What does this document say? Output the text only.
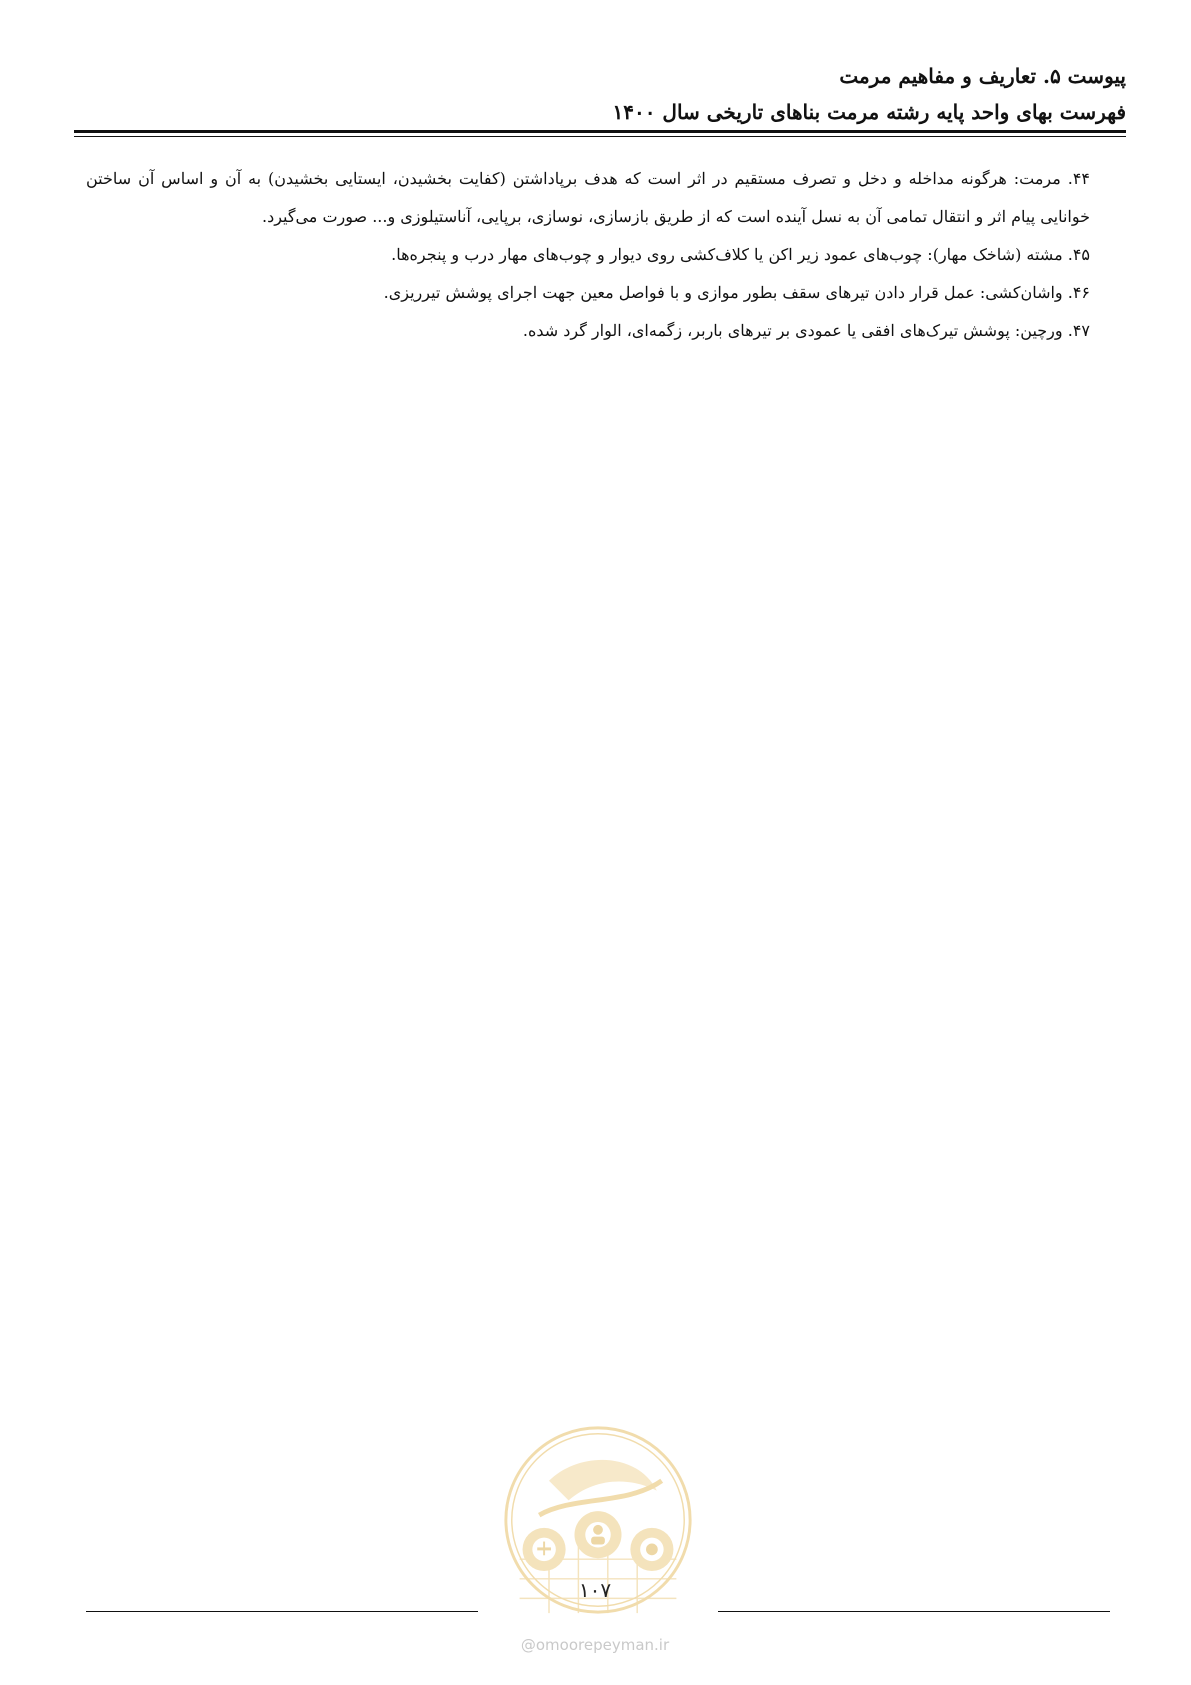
پیوست ۵. تعاریف و مفاهیم مرمت
فهرست بهای واحد پایه رشته مرمت بناهای تاریخی سال ۱۴۰۰

۴۴. مرمت: هرگونه مداخله و دخل و تصرف مستقیم در اثر است که هدف برپاداشتن (کفایت بخشیدن، ایستایی بخشیدن) به آن و اساس آن ساختن خوانایی پیام اثر و انتقال تمامی آن به نسل آینده است که از طریق بازسازی، نوسازی، برپایی، آناستیلوزی و... صورت می‌گیرد.

۴۵. مشته (شاخک مهار): چوب‌های عمود زیر اکن یا کلاف‌کشی روی دیوار و چوب‌های مهار درب و پنجره‌ها.

۴۶. واشان‌کشی: عمل قرار دادن تیرهای سقف بطور موازی و با فواصل معین جهت اجرای پوشش تیرریزی.

۴۷. ورچین: پوشش تیرک‌های افقی یا عمودی بر تیرهای باربر، زگمه‌ای، الوار گرد شده.

۱۰۷
@omoorepeyman.ir
